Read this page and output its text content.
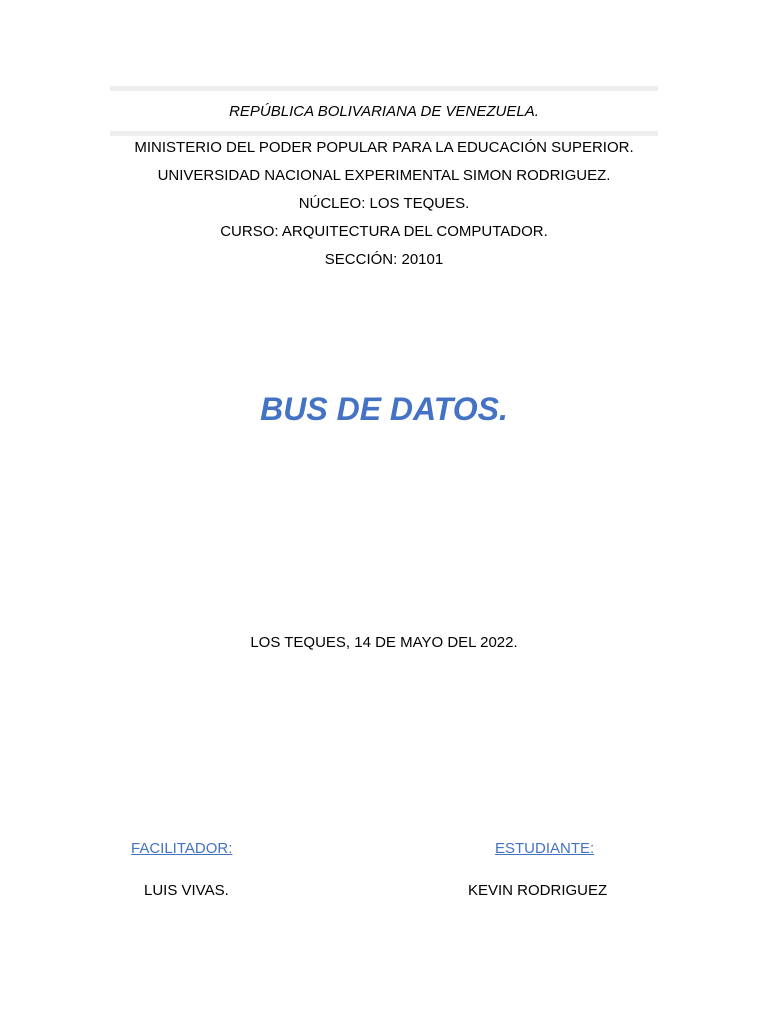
REPÚBLICA BOLIVARIANA DE VENEZUELA.
MINISTERIO DEL PODER POPULAR PARA LA EDUCACIÓN SUPERIOR.
UNIVERSIDAD NACIONAL EXPERIMENTAL SIMON RODRIGUEZ.
NÚCLEO: LOS TEQUES.
CURSO: ARQUITECTURA DEL COMPUTADOR.
SECCIÓN: 20101
BUS DE DATOS.
LOS TEQUES, 14 DE MAYO DEL 2022.
FACILITADOR:	ESTUDIANTE:
LUIS VIVAS.	KEVIN RODRIGUEZ
